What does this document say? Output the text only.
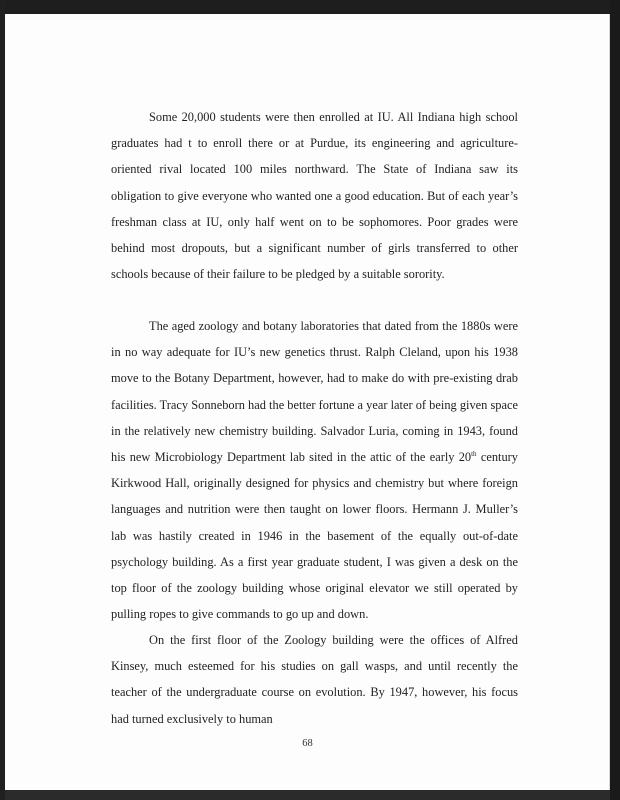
Some 20,000 students were then enrolled at IU. All Indiana high school graduates had t to enroll there or at Purdue, its engineering and agriculture-oriented rival located 100 miles northward. The State of Indiana saw its obligation to give everyone who wanted one a good education. But of each year’s freshman class at IU, only half went on to be sophomores. Poor grades were behind most dropouts, but a significant number of girls transferred to other schools because of their failure to be pledged by a suitable sorority.

The aged zoology and botany laboratories that dated from the 1880s were in no way adequate for IU’s new genetics thrust. Ralph Cleland, upon his 1938 move to the Botany Department, however, had to make do with pre-existing drab facilities. Tracy Sonneborn had the better fortune a year later of being given space in the relatively new chemistry building. Salvador Luria, coming in 1943, found his new Microbiology Department lab sited in the attic of the early 20th century Kirkwood Hall, originally designed for physics and chemistry but where foreign languages and nutrition were then taught on lower floors. Hermann J. Muller’s lab was hastily created in 1946 in the basement of the equally out-of-date psychology building. As a first year graduate student, I was given a desk on the top floor of the zoology building whose original elevator we still operated by pulling ropes to give commands to go up and down.

On the first floor of the Zoology building were the offices of Alfred Kinsey, much esteemed for his studies on gall wasps, and until recently the teacher of the undergraduate course on evolution. By 1947, however, his focus had turned exclusively to human

68
